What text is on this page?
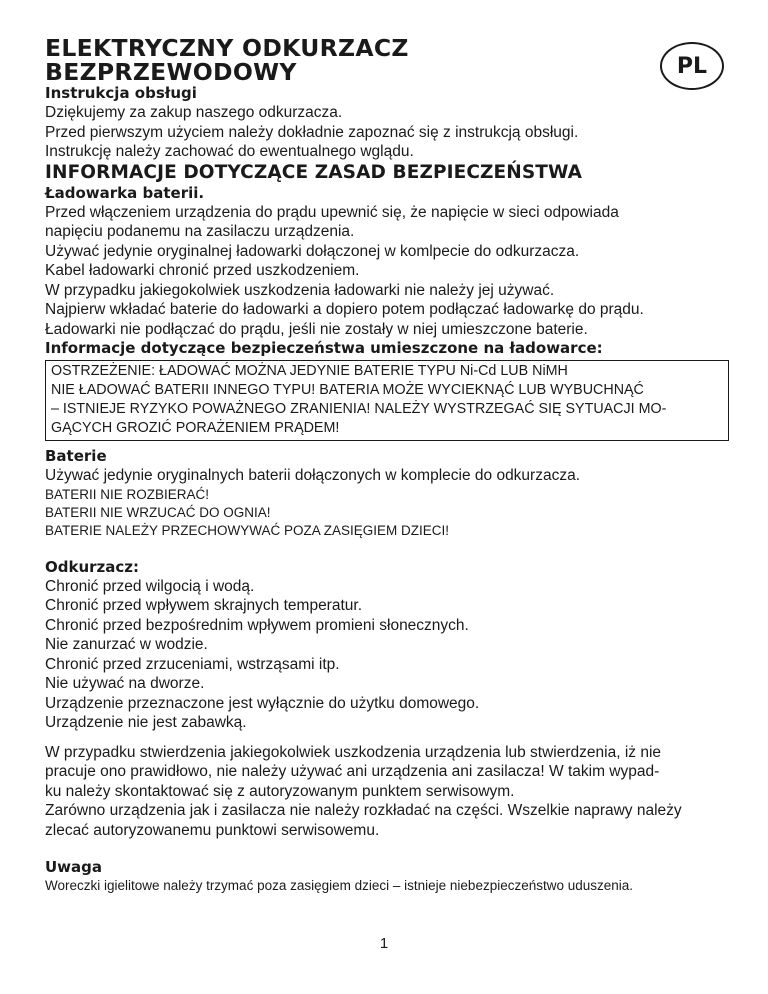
PL
ELEKTRYCZNY ODKURZACZ
BEZPRZEWODOWY
Instrukcja obsługi

Dziękujemy za zakup naszego odkurzacza.

Przed pierwszym użyciem należy dokładnie zapoznać się z instrukcją obsługi.

Instrukcję należy zachować do ewentualnego wglądu.

INFORMACJE DOTYCZĄCE ZASAD BEZPIECZEŃSTWA
Ładowarka baterii.

Przed włączeniem urządzenia do prądu upewnić się, że napięcie w sieci odpowiada

napięciu podanemu na zasilaczu urządzenia.

Używać jedynie oryginalnej ładowarki dołączonej w komlpecie do odkurzacza.

Kabel ładowarki chronić przed uszkodzeniem.

W przypadku jakiegokolwiek uszkodzenia ładowarki nie należy jej używać.

Najpierw wkładać baterie do ładowarki a dopiero potem podłączać ładowarkę do prądu.

Ładowarki nie podłączać do prądu, jeśli nie zostały w niej umieszczone baterie.

Informacje dotyczące bezpieczeństwa umieszczone na ładowarce:
OSTRZEŻENIE: ŁADOWAĆ MOŻNA JEDYNIE BATERIE TYPU Ni-Cd LUB NiMH
NIE ŁADOWAĆ BATERII INNEGO TYPU! BATERIA MOŻE WYCIEKNĄĆ LUB WYBUCHNĄĆ
– ISTNIEJE RYZYKO POWAŻNEGO ZRANIENIA! NALEŻY WYSTRZEGAĆ SIĘ SYTUACJI MO-
GĄCYCH GROZIĆ PORAŻENIEM PRĄDEM!
Baterie

Używać jedynie oryginalnych baterii dołączonych w komplecie do odkurzacza.

BATERII NIE ROZBIERAĆ!

BATERII NIE WRZUCAĆ DO OGNIA!

BATERIE NALEŻY PRZECHOWYWAĆ POZA ZASIĘGIEM DZIECI!

Odkurzacz:

Chronić przed wilgocią i wodą.

Chronić przed wpływem skrajnych temperatur.

Chronić przed bezpośrednim wpływem promieni słonecznych.

Nie zanurzać w wodzie.

Chronić przed zrzuceniami, wstrząsami itp.

Nie używać na dworze.

Urządzenie przeznaczone jest wyłącznie do użytku domowego.

Urządzenie nie jest zabawką.

W przypadku stwierdzenia jakiegokolwiek uszkodzenia urządzenia lub stwierdzenia, iż nie

pracuje ono prawidłowo, nie należy używać ani urządzenia ani zasilacza! W takim wypad-

ku należy skontaktować się z autoryzowanym punktem serwisowym.

Zarówno urządzenia jak i zasilacza nie należy rozkładać na części. Wszelkie naprawy należy

zlecać autoryzowanemu punktowi serwisowemu.

Uwaga

Woreczki igielitowe należy trzymać poza zasięgiem dzieci – istnieje niebezpieczeństwo uduszenia.

1
